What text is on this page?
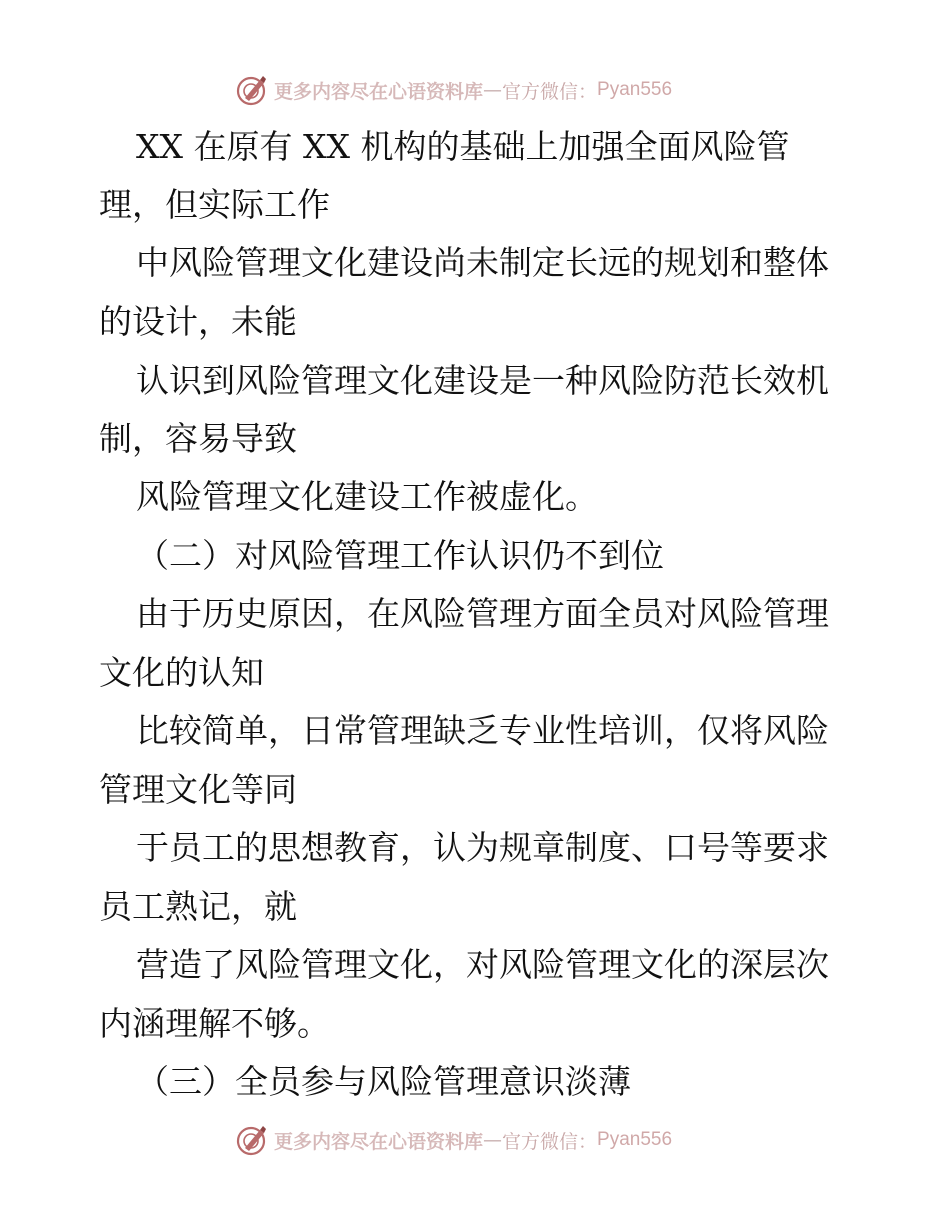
更多内容尽在心语资料库 — 官方微信： Pyan556
XX 在原有 XX 机构的基础上加强全面风险管
理，但实际工作
中风险管理文化建设尚未制定长远的规划和整体
的设计，未能
认识到风险管理文化建设是一种风险防范长效机
制，容易导致
风险管理文化建设工作被虚化。
（二）对风险管理工作认识仍不到位
由于历史原因，在风险管理方面全员对风险管理
文化的认知
比较简单，日常管理缺乏专业性培训，仅将风险
管理文化等同
于员工的思想教育，认为规章制度、口号等要求
员工熟记，就
营造了风险管理文化，对风险管理文化的深层次
内涵理解不够。
（三）全员参与风险管理意识淡薄
更多内容尽在心语资料库 — 官方微信： Pyan556
